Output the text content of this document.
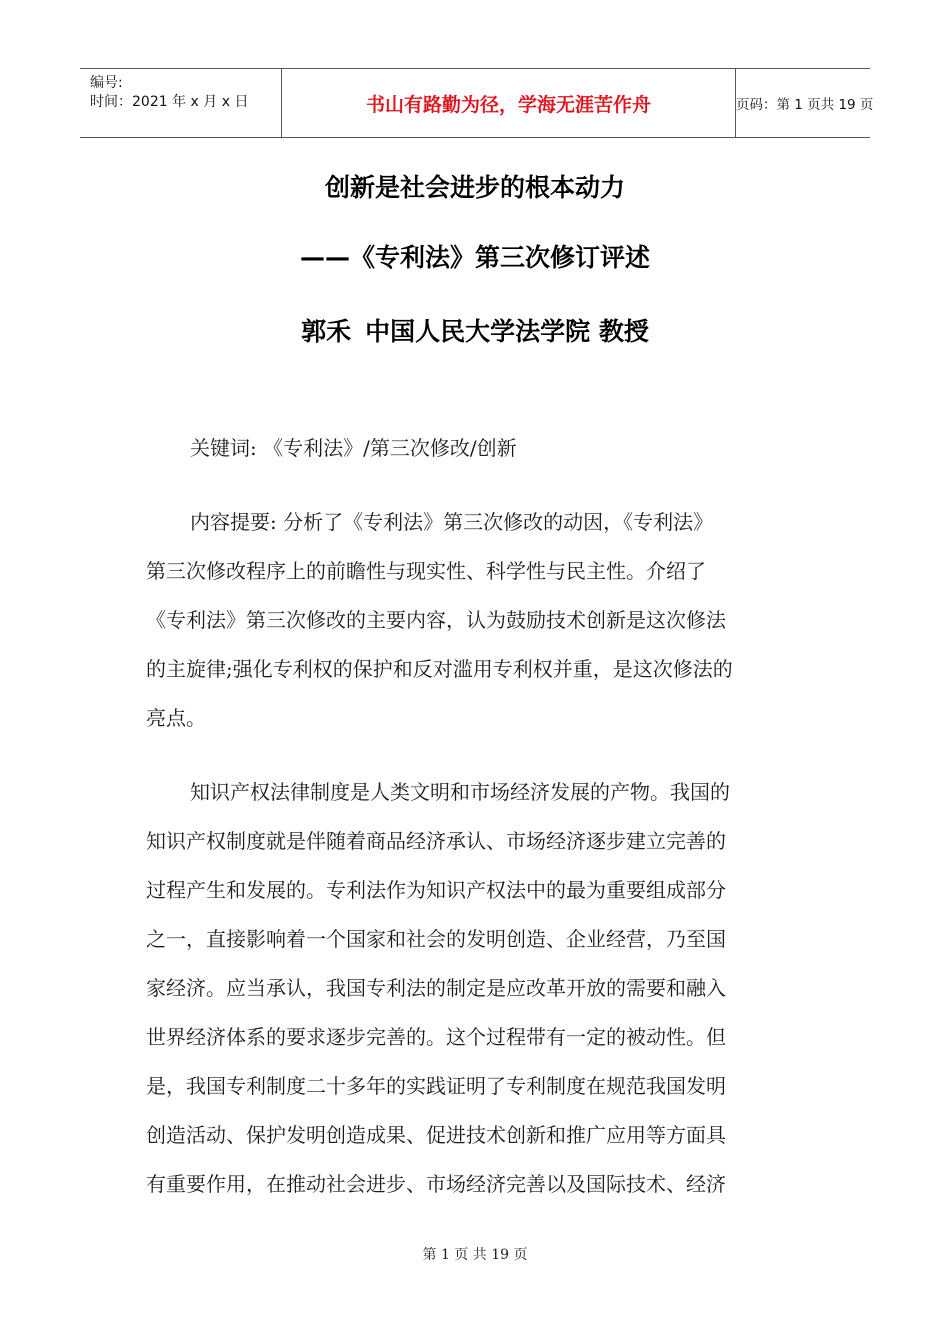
编号:
时间：2021 年 x 月 x 日	书山有路勤为径，学海无涯苦作舟	页码：第 1 页 共 19 页
创新是社会进步的根本动力
——《专利法》第三次修订评述
郭禾 中国人民大学法学院 教授
关键词: 《专利法》/第三次修改/创新
内容提要: 分析了《专利法》第三次修改的动因，《专利法》
第三次修改程序上的前瞻性与现实性、科学性与民主性。介绍了
《专利法》第三次修改的主要内容，认为鼓励技术创新是这次修法
的主旋律;强化专利权的保护和反对滥用专利权并重，是这次修法的
亮点。
知识产权法律制度是人类文明和市场经济发展的产物。我国的
知识产权制度就是伴随着商品经济承认、市场经济逐步建立完善的
过程产生和发展的。专利法作为知识产权法中的最为重要组成部分
之一，直接影响着一个国家和社会的发明创造、企业经营，乃至国
家经济。应当承认，我国专利法的制定是应改革开放的需要和融入
世界经济体系的要求逐步完善的。这个过程带有一定的被动性。但
是，我国专利制度二十多年的实践证明了专利制度在规范我国发明
创造活动、保护发明创造成果、促进技术创新和推广应用等方面具
有重要作用，在推动社会进步、市场经济完善以及国际技术、经济
第 1 页 共 19 页
